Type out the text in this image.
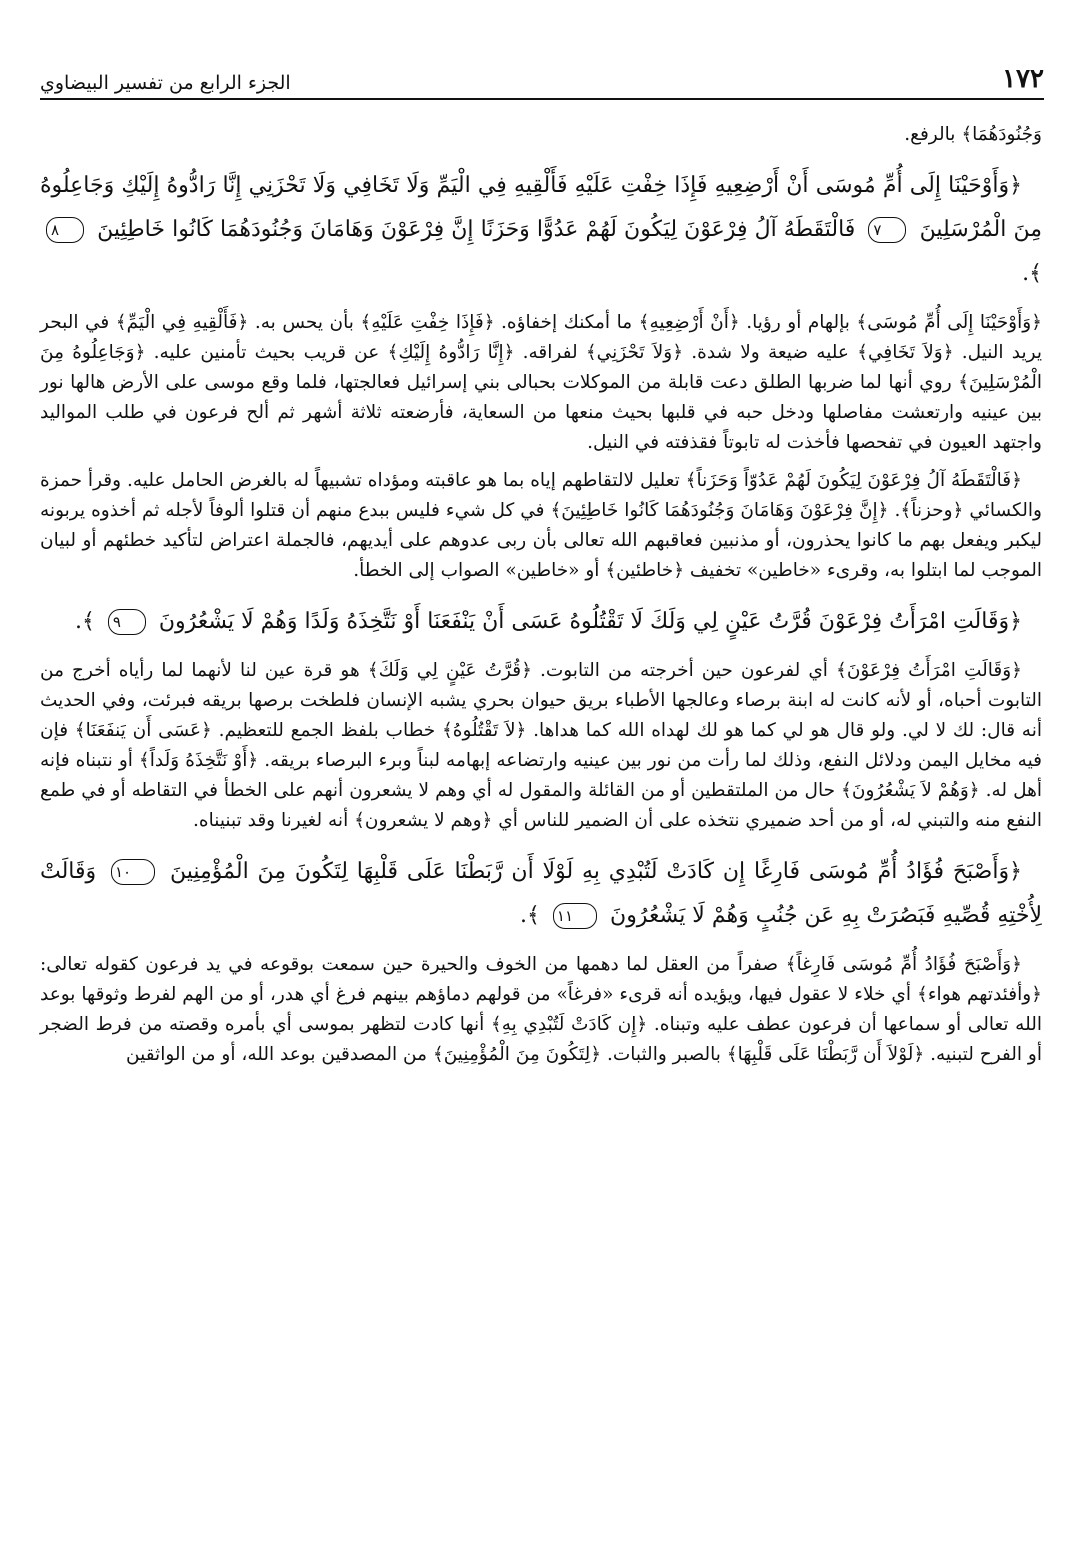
١٧٢
الجزء الرابع من تفسير البيضاوي

وَجُنُودَهُمَا﴾ بالرفع.

﴿وَأَوْحَيْنَا إِلَى أُمِّ مُوسَى أَنْ أَرْضِعِيهِ فَإِذَا خِفْتِ عَلَيْهِ فَأَلْقِيهِ فِي الْيَمِّ وَلَا تَخَافِي وَلَا تَحْزَنِي إِنَّا رَادُّوهُ إِلَيْكِ وَجَاعِلُوهُ مِنَ الْمُرْسَلِينَ ٧ فَالْتَقَطَهُ آلُ فِرْعَوْنَ لِيَكُونَ لَهُمْ عَدُوًّا وَحَزَنًا إِنَّ فِرْعَوْنَ وَهَامَانَ وَجُنُودَهُمَا كَانُوا خَاطِئِينَ ٨ ﴾.

﴿وَأَوْحَيْنَا إِلَى أُمِّ مُوسَى﴾ بإلهام أو رؤيا. ﴿أَنْ أَرْضِعِيهِ﴾ ما أمكنك إخفاؤه. ﴿فَإِذَا خِفْتِ عَلَيْهِ﴾ بأن يحس به. ﴿فَأَلْقِيهِ فِي الْيَمِّ﴾ في البحر يريد النيل. ﴿وَلاَ تَخَافِي﴾ عليه ضيعة ولا شدة. ﴿وَلاَ تَحْزَنِي﴾ لفراقه. ﴿إِنَّا رَادُّوهُ إِلَيْكِ﴾ عن قريب بحيث تأمنين عليه. ﴿وَجَاعِلُوهُ مِنَ الْمُرْسَلِينَ﴾ روي أنها لما ضربها الطلق دعت قابلة من الموكلات بحبالى بني إسرائيل فعالجتها، فلما وقع موسى على الأرض هالها نور بين عينيه وارتعشت مفاصلها ودخل حبه في قلبها بحيث منعها من السعاية، فأرضعته ثلاثة أشهر ثم ألح فرعون في طلب المواليد واجتهد العيون في تفحصها فأخذت له تابوتاً فقذفته في النيل.

﴿فَالْتَقَطَهُ آلُ فِرْعَوْنَ لِيَكُونَ لَهُمْ عَدُوّاً وَحَزَناً﴾ تعليل لالتقاطهم إياه بما هو عاقبته ومؤداه تشبيهاً له بالغرض الحامل عليه. وقرأ حمزة والكسائي ﴿وحزناً﴾. ﴿إِنَّ فِرْعَوْنَ وَهَامَانَ وَجُنُودَهُمَا كَانُوا خَاطِئِينَ﴾ في كل شيء فليس ببدع منهم أن قتلوا ألوفاً لأجله ثم أخذوه يربونه ليكبر ويفعل بهم ما كانوا يحذرون، أو مذنبين فعاقبهم الله تعالى بأن ربى عدوهم على أيديهم، فالجملة اعتراض لتأكيد خطئهم أو لبيان الموجب لما ابتلوا به، وقرىء «خاطين» تخفيف ﴿خاطئين﴾ أو «خاطين» الصواب إلى الخطأ.

﴿وَقَالَتِ امْرَأَتُ فِرْعَوْنَ قُرَّتُ عَيْنٍ لِي وَلَكَ لَا تَقْتُلُوهُ عَسَى أَنْ يَنْفَعَنَا أَوْ نَتَّخِذَهُ وَلَدًا وَهُمْ لَا يَشْعُرُونَ ٩ ﴾.

﴿وَقَالَتِ امْرَأَتُ فِرْعَوْنَ﴾ أي لفرعون حين أخرجته من التابوت. ﴿قُرَّتُ عَيْنٍ لِي وَلَكَ﴾ هو قرة عين لنا لأنهما لما رأياه أخرج من التابوت أحباه، أو لأنه كانت له ابنة برصاء وعالجها الأطباء بريق حيوان بحري يشبه الإنسان فلطخت برصها بريقه فبرئت، وفي الحديث أنه قال: لك لا لي. ولو قال هو لي كما هو لك لهداه الله كما هداها. ﴿لاَ تَقْتُلُوهُ﴾ خطاب بلفظ الجمع للتعظيم. ﴿عَسَى أَن يَنفَعَنَا﴾ فإن فيه مخايل اليمن ودلائل النفع، وذلك لما رأت من نور بين عينيه وارتضاعه إبهامه لبناً وبرء البرصاء بريقه. ﴿أَوْ نَتَّخِذَهُ وَلَداً﴾ أو نتبناه فإنه أهل له. ﴿وَهُمْ لاَ يَشْعُرُونَ﴾ حال من الملتقطين أو من القائلة والمقول له أي وهم لا يشعرون أنهم على الخطأ في التقاطه أو في طمع النفع منه والتبني له، أو من أحد ضميري نتخذه على أن الضمير للناس أي ﴿وهم لا يشعرون﴾ أنه لغيرنا وقد تبنيناه.

﴿وَأَصْبَحَ فُؤَادُ أُمِّ مُوسَى فَارِغًا إِن كَادَتْ لَتُبْدِي بِهِ لَوْلَا أَن رَّبَطْنَا عَلَى قَلْبِهَا لِتَكُونَ مِنَ الْمُؤْمِنِينَ ١٠ وَقَالَتْ لِأُخْتِهِ قُصِّيهِ فَبَصُرَتْ بِهِ عَن جُنُبٍ وَهُمْ لَا يَشْعُرُونَ ١١ ﴾.

﴿وَأَصْبَحَ فُؤَادُ أُمِّ مُوسَى فَارِغاً﴾ صفراً من العقل لما دهمها من الخوف والحيرة حين سمعت بوقوعه في يد فرعون كقوله تعالى: ﴿وأفئدتهم هواء﴾ أي خلاء لا عقول فيها، ويؤيده أنه قرىء «فرغاً» من قولهم دماؤهم بينهم فرغ أي هدر، أو من الهم لفرط وثوقها بوعد الله تعالى أو سماعها أن فرعون عطف عليه وتبناه. ﴿إِن كَادَتْ لَتُبْدِي بِهِ﴾ أنها كادت لتظهر بموسى أي بأمره وقصته من فرط الضجر أو الفرح لتبنيه. ﴿لَوْلاَ أَن رَّبَطْنَا عَلَى قَلْبِهَا﴾ بالصبر والثبات. ﴿لِتَكُونَ مِنَ الْمُؤْمِنِينَ﴾ من المصدقين بوعد الله، أو من الواثقين
